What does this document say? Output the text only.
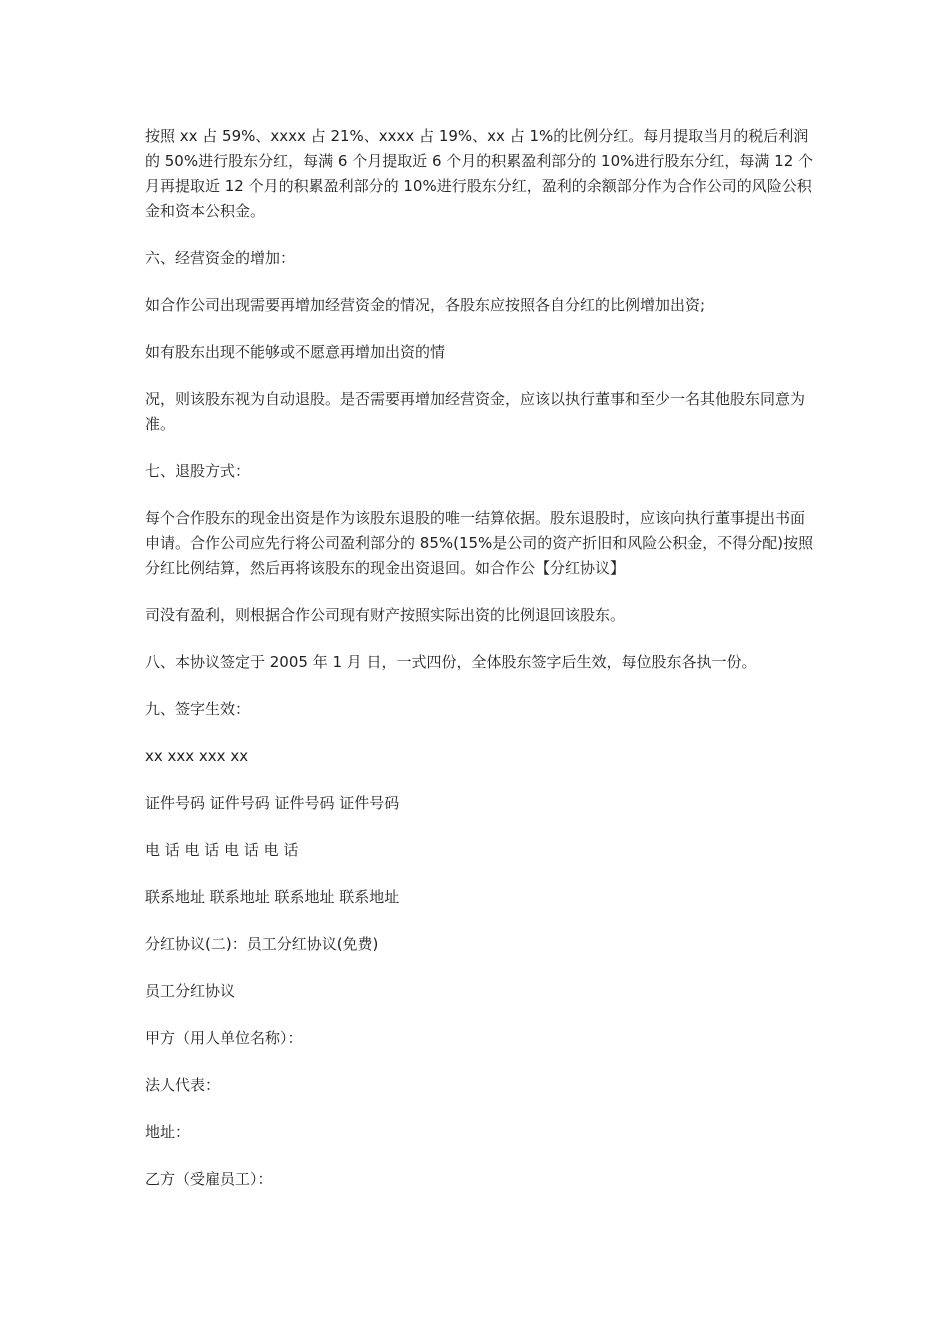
按照 xx 占 59%、xxxx 占 21%、xxxx 占 19%、xx 占 1%的比例分红。每月提取当月的税后利润的 50%进行股东分红，每满 6 个月提取近 6 个月的积累盈利部分的 10%进行股东分红，每满 12 个月再提取近 12 个月的积累盈利部分的 10%进行股东分红，盈利的余额部分作为合作公司的风险公积金和资本公积金。

六、经营资金的增加：

如合作公司出现需要再增加经营资金的情况，各股东应按照各自分红的比例增加出资;

如有股东出现不能够或不愿意再增加出资的情

况，则该股东视为自动退股。是否需要再增加经营资金，应该以执行董事和至少一名其他股东同意为准。

七、退股方式：

每个合作股东的现金出资是作为该股东退股的唯一结算依据。股东退股时，应该向执行董事提出书面申请。合作公司应先行将公司盈利部分的 85%(15%是公司的资产折旧和风险公积金，不得分配)按照分红比例结算，然后再将该股东的现金出资退回。如合作公【分红协议】

司没有盈利，则根据合作公司现有财产按照实际出资的比例退回该股东。

八、本协议签定于 2005 年 1 月 日，一式四份，全体股东签字后生效，每位股东各执一份。

九、签字生效：

xx xxx xxx xx

证件号码 证件号码 证件号码 证件号码

电 话 电 话 电 话 电 话

联系地址 联系地址 联系地址 联系地址

分红协议(二)：员工分红协议(免费)

员工分红协议

甲方（用人单位名称）：

法人代表：

地址：

乙方（受雇员工）：
